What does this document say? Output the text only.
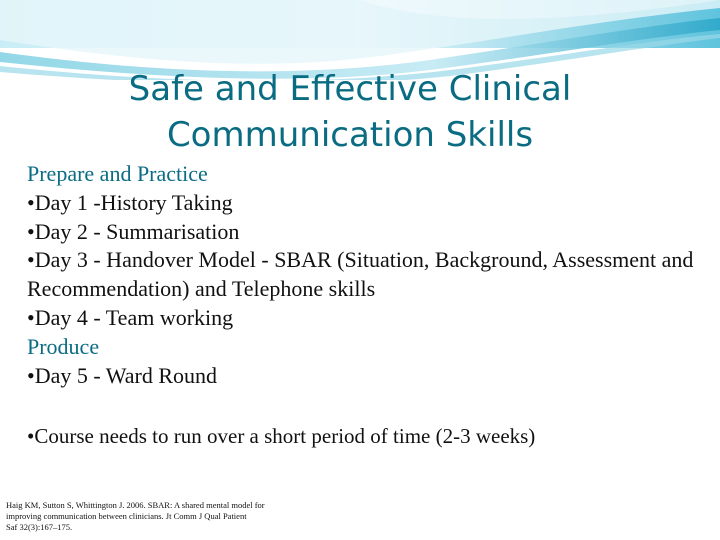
Safe and Effective Clinical
Communication Skills
Prepare and Practice
•Day 1 -History Taking
•Day 2 - Summarisation
•Day 3 - Handover Model - SBAR (Situation, Background, Assessment and Recommendation) and Telephone skills
•Day 4 - Team working
Produce
•Day 5 - Ward Round
•Course needs to run over a short period of time (2-3 weeks)
Haig KM, Sutton S, Whittington J. 2006. SBAR: A shared mental model for
improving communication between clinicians. Jt Comm J Qual Patient
Saf 32(3):167–175.
